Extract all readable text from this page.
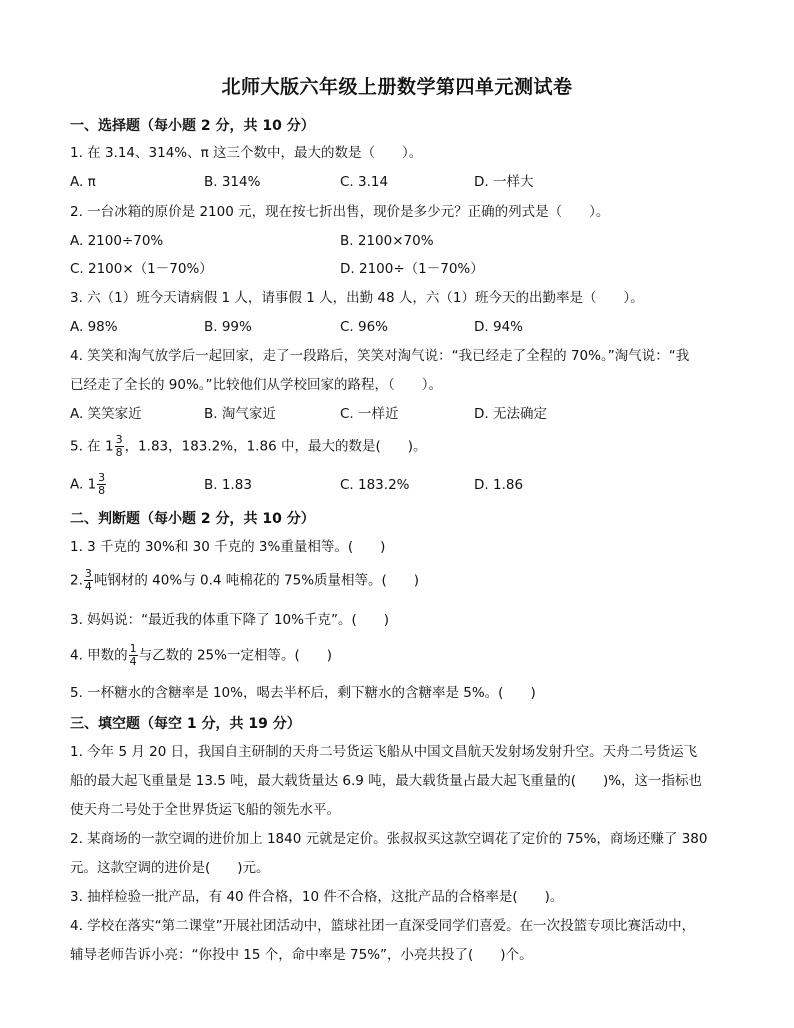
北师大版六年级上册数学第四单元测试卷
一、选择题（每小题 2 分，共 10 分）
1. 在 3.14、314%、π 这三个数中，最大的数是（　　）。
A. π	B. 314%	C. 3.14	D. 一样大
2. 一台冰箱的原价是 2100 元，现在按七折出售，现价是多少元？正确的列式是（　　）。
A. 2100÷70%	B. 2100×70%
C. 2100×（1－70%）	D. 2100÷（1－70%）
3. 六（1）班今天请病假 1 人，请事假 1 人，出勤 48 人，六（1）班今天的出勤率是（　　）。
A. 98%	B. 99%	C. 96%	D. 94%
4. 笑笑和淘气放学后一起回家，走了一段路后，笑笑对淘气说：“我已经走了全程的 70%。”淘气说：“我
已经走了全长的 90%。”比较他们从学校回家的路程，（　　）。
A. 笑笑家近	B. 淘气家近	C. 一样近	D. 无法确定
5. 在 $1 \frac{3}{8}$ ，1.83，183.2%，1.86 中，最大的数是(　　)。
A. $1 \frac{3}{8}$	B. 1.83	C. 183.2%	D. 1.86
二、判断题（每小题 2 分，共 10 分）
1. 3 千克的 30%和 30 千克的 3%重量相等。(　　)
2. $\frac{3}{4}$ 吨钢材的 40%与 0.4 吨棉花的 75%质量相等。(　　)
3. 妈妈说：“最近我的体重下降了 10%千克”。(　　)
4. 甲数的 $\frac{1}{4}$ 与乙数的 25%一定相等。(　　)
5. 一杯糖水的含糖率是 10%，喝去半杯后，剩下糖水的含糖率是 5%。(　　)
三、填空题（每空 1 分，共 19 分）
1. 今年 5 月 20 日，我国自主研制的天舟二号货运飞船从中国文昌航天发射场发射升空。天舟二号货运飞
船的最大起飞重量是 13.5 吨，最大载货量达 6.9 吨，最大载货量占最大起飞重量的(　　)%，这一指标也
使天舟二号处于全世界货运飞船的领先水平。
2. 某商场的一款空调的进价加上 1840 元就是定价。张叔叔买这款空调花了定价的 75%，商场还赚了 380
元。这款空调的进价是(　　)元。
3. 抽样检验一批产品，有 40 件合格，10 件不合格，这批产品的合格率是(　　)。
4. 学校在落实“第二课堂”开展社团活动中，篮球社团一直深受同学们喜爱。在一次投篮专项比赛活动中，
辅导老师告诉小亮：“你投中 15 个，命中率是 75%”，小亮共投了(　　)个。
